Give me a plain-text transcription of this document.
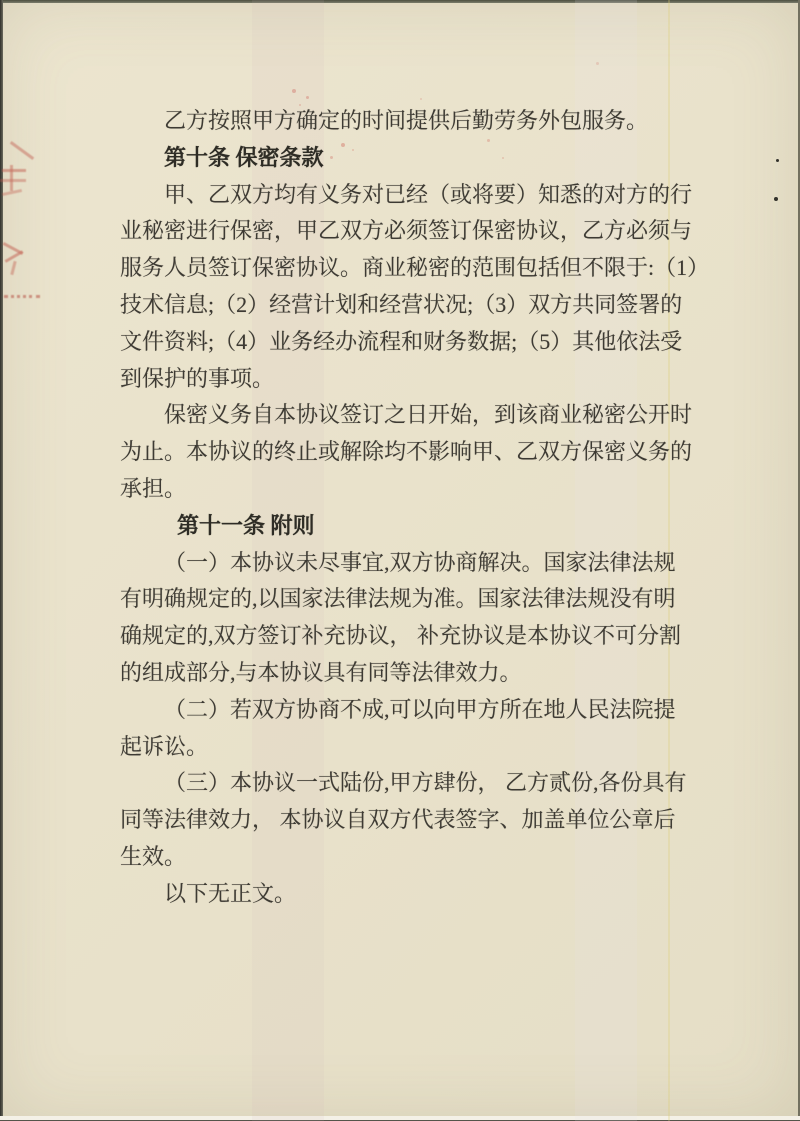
乙方按照甲方确定的时间提供后勤劳务外包服务。
第十条 保密条款
甲、乙双方均有义务对已经（或将要）知悉的对方的行
业秘密进行保密，甲乙双方必须签订保密协议，乙方必须与
服务人员签订保密协议。商业秘密的范围包括但不限于:（1）
技术信息;（2）经营计划和经营状况;（3）双方共同签署的
文件资料;（4）业务经办流程和财务数据;（5）其他依法受
到保护的事项。
保密义务自本协议签订之日开始，到该商业秘密公开时
为止。本协议的终止或解除均不影响甲、乙双方保密义务的
承担。
第十一条 附则
（一）本协议未尽事宜,双方协商解决。国家法律法规
有明确规定的,以国家法律法规为准。国家法律法规没有明
确规定的,双方签订补充协议， 补充协议是本协议不可分割
的组成部分,与本协议具有同等法律效力。
（二）若双方协商不成,可以向甲方所在地人民法院提
起诉讼。
（三）本协议一式陆份,甲方肆份， 乙方贰份,各份具有
同等法律效力， 本协议自双方代表签字、加盖单位公章后
生效。
以下无正文。
